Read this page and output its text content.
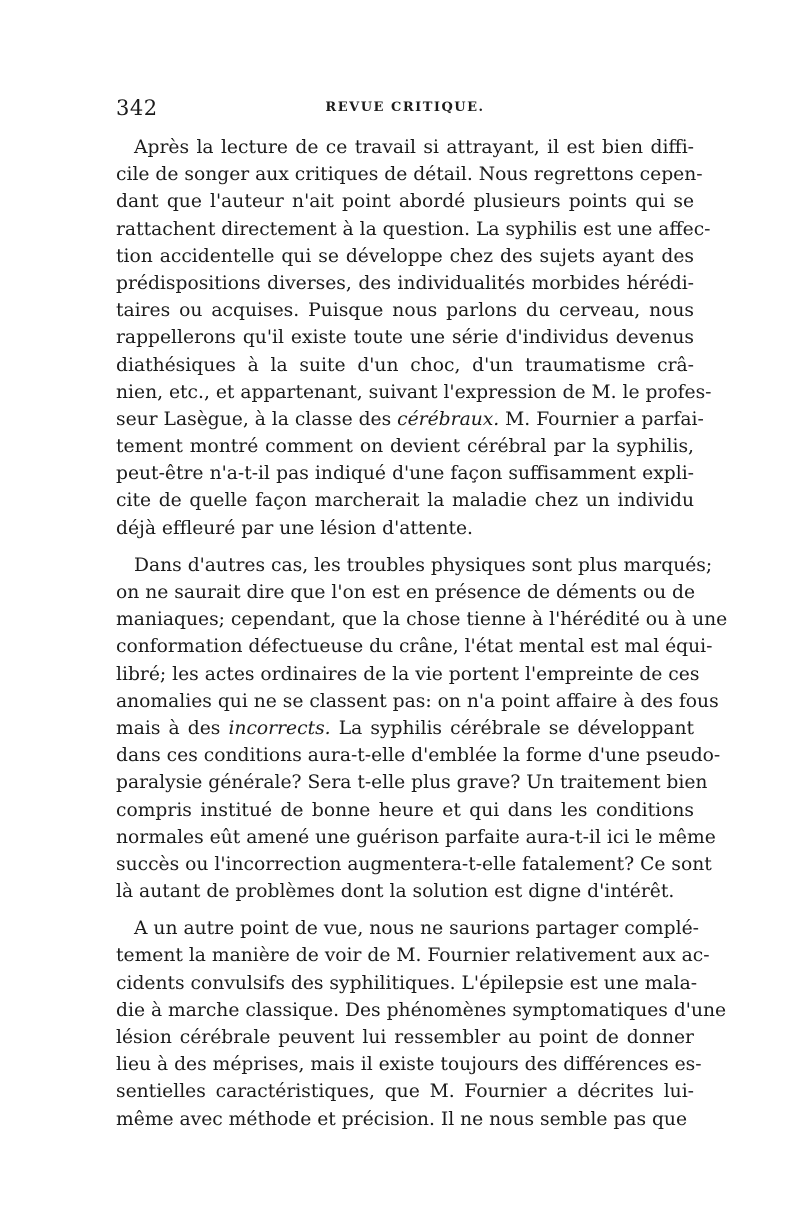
342	REVUE CRITIQUE.
Après la lecture de ce travail si attrayant, il est bien diffi-
cile de songer aux critiques de détail. Nous regrettons cepen-
dant que l'auteur n'ait point abordé plusieurs points qui se
rattachent directement à la question. La syphilis est une affec-
tion accidentelle qui se développe chez des sujets ayant des
prédispositions diverses, des individualités morbides hérédi-
taires ou acquises. Puisque nous parlons du cerveau, nous
rappellerons qu'il existe toute une série d'individus devenus
diathésiques à la suite d'un choc, d'un traumatisme crâ-
nien, etc., et appartenant, suivant l'expression de M. le profes-
seur Lasègue, à la classe des cérébraux. M. Fournier a parfai-
tement montré comment on devient cérébral par la syphilis,
peut-être n'a-t-il pas indiqué d'une façon suffisamment expli-
cite de quelle façon marcherait la maladie chez un individu
déjà effleuré par une lésion d'attente.
Dans d'autres cas, les troubles physiques sont plus marqués;
on ne saurait dire que l'on est en présence de déments ou de
maniaques; cependant, que la chose tienne à l'hérédité ou à une
conformation défectueuse du crâne, l'état mental est mal équi-
libré; les actes ordinaires de la vie portent l'empreinte de ces
anomalies qui ne se classent pas: on n'a point affaire à des fous
mais à des incorrects. La syphilis cérébrale se développant
dans ces conditions aura-t-elle d'emblée la forme d'une pseudo-
paralysie générale? Sera t-elle plus grave? Un traitement bien
compris institué de bonne heure et qui dans les conditions
normales eût amené une guérison parfaite aura-t-il ici le même
succès ou l'incorrection augmentera-t-elle fatalement? Ce sont
là autant de problèmes dont la solution est digne d'intérêt.
A un autre point de vue, nous ne saurions partager complé-
tement la manière de voir de M. Fournier relativement aux ac-
cidents convulsifs des syphilitiques. L'épilepsie est une mala-
die à marche classique. Des phénomènes symptomatiques d'une
lésion cérébrale peuvent lui ressembler au point de donner
lieu à des méprises, mais il existe toujours des différences es-
sentielles caractéristiques, que M. Fournier a décrites lui-
même avec méthode et précision. Il ne nous semble pas que
